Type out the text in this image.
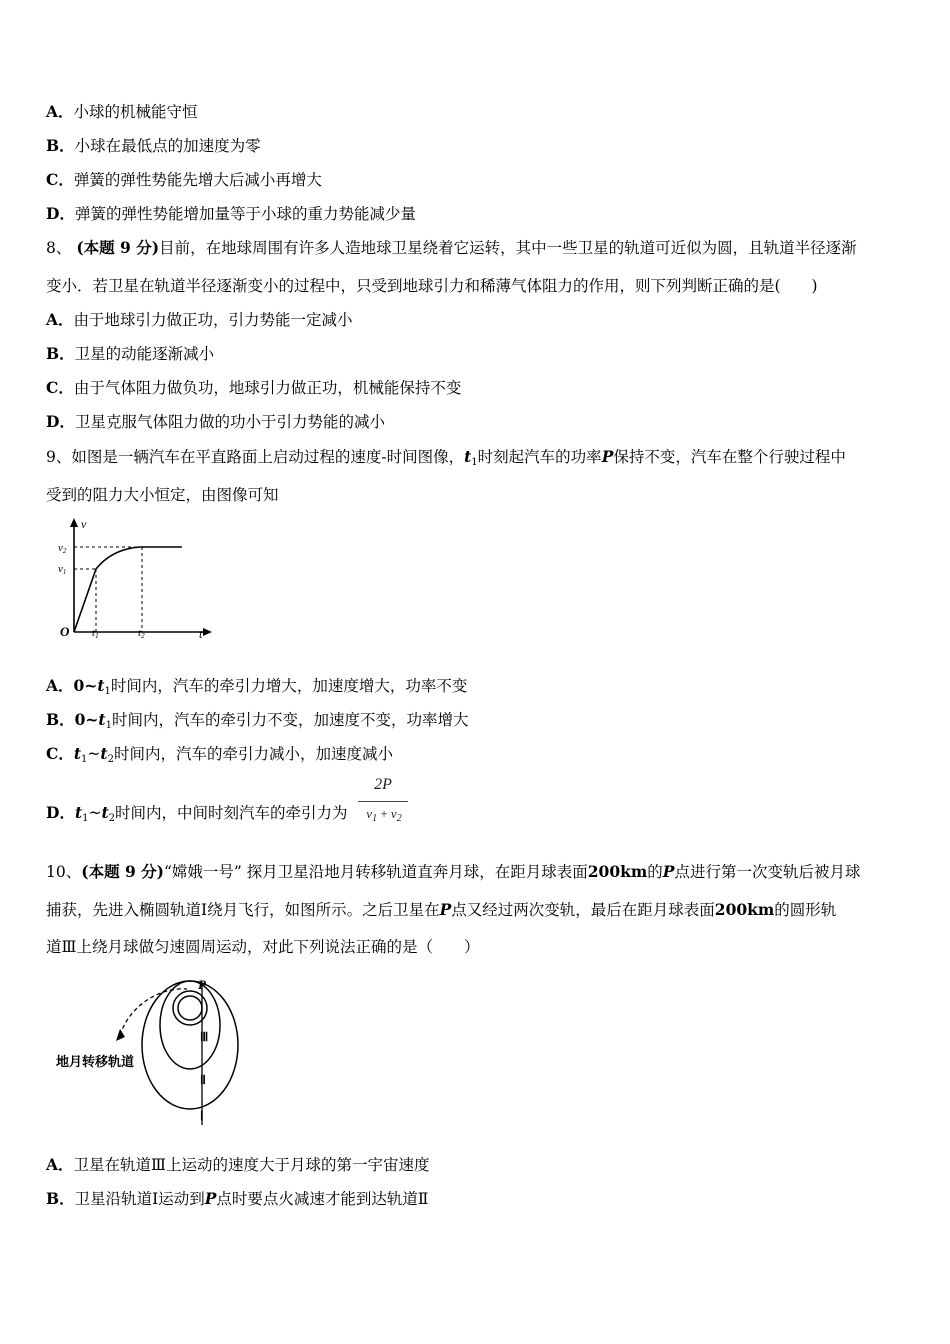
A．小球的机械能守恒
B．小球在最低点的加速度为零
C．弹簧的弹性势能先增大后减小再增大
D．弹簧的弹性势能增加量等于小球的重力势能减少量
8、 (本题 9 分)目前，在地球周围有许多人造地球卫星绕着它运转，其中一些卫星的轨道可近似为圆，且轨道半径逐渐
变小．若卫星在轨道半径逐渐变小的过程中，只受到地球引力和稀薄气体阻力的作用，则下列判断正确的是(　　)
A．由于地球引力做正功，引力势能一定减小
B．卫星的动能逐渐减小
C．由于气体阻力做负功，地球引力做正功，机械能保持不变
D．卫星克服气体阻力做的功小于引力势能的减小
9、如图是一辆汽车在平直路面上启动过程的速度-时间图像，$t_1$时刻起汽车的功率P保持不变，汽车在整个行驶过程中
受到的阻力大小恒定，由图像可知
v
t
O
v2
v1
t1	t2
A．$0\sim t_1$时间内，汽车的牵引力增大，加速度增大，功率不变
B．$0\sim t_1$时间内，汽车的牵引力不变，加速度不变，功率增大
C．$t_1\sim t_2$时间内，汽车的牵引力减小，加速度减小
D．$t_1\sim t_2$时间内，中间时刻汽车的牵引力为
2P
$v_1 + v_2$
10、(本题 9 分)“嫦娥一号” 探月卫星沿地月转移轨道直奔月球，在距月球表面200km的P点进行第一次变轨后被月球
捕获，先进入椭圆轨道Ⅰ绕月飞行，如图所示。之后卫星在P点又经过两次变轨，最后在距月球表面200km的圆形轨
道Ⅲ上绕月球做匀速圆周运动，对此下列说法正确的是（　　）
P
Ⅲ
Ⅱ
Ⅰ
地月转移轨道
A．卫星在轨道Ⅲ上运动的速度大于月球的第一宇宙速度
B．卫星沿轨道Ⅰ运动到P点时要点火减速才能到达轨道Ⅱ
